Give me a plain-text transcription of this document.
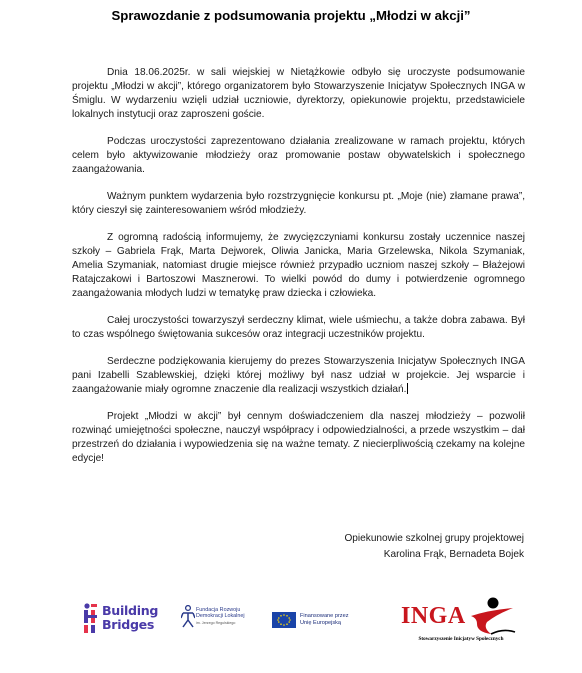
Sprawozdanie z podsumowania projektu „Młodzi w akcji”

Dnia 18.06.2025r. w sali wiejskiej w Nietążkowie odbyło się uroczyste podsumowanie projektu „Młodzi w akcji”, którego organizatorem było Stowarzyszenie Inicjatyw Społecznych INGA w Śmiglu. W wydarzeniu wzięli udział uczniowie, dyrektorzy, opiekunowie projektu, przedstawiciele lokalnych instytucji oraz zaproszeni goście.

Podczas uroczystości zaprezentowano działania zrealizowane w ramach projektu, których celem było aktywizowanie młodzieży oraz promowanie postaw obywatelskich i społecznego zaangażowania.

Ważnym punktem wydarzenia było rozstrzygnięcie konkursu pt. „Moje (nie) złamane prawa”, który cieszył się zainteresowaniem wśród młodzieży.

Z ogromną radością informujemy, że zwycięzczyniami konkursu zostały uczennice naszej szkoły – Gabriela Frąk, Marta Dejworek, Oliwia Janicka, Maria Grzelewska, Nikola Szymaniak, Amelia Szymaniak, natomiast drugie miejsce również przypadło uczniom naszej szkoły – Błażejowi Ratajczakowi i Bartoszowi Masznerowi. To wielki powód do dumy i potwierdzenie ogromnego zaangażowania młodych ludzi w tematykę praw dziecka i człowieka.

Całej uroczystości towarzyszył serdeczny klimat, wiele uśmiechu, a także dobra zabawa. Był to czas wspólnego świętowania sukcesów oraz integracji uczestników projektu.

Serdeczne podziękowania kierujemy do prezes Stowarzyszenia Inicjatyw Społecznych INGA pani Izabelli Szablewskiej, dzięki której możliwy był nasz udział w projekcie. Jej wsparcie i zaangażowanie miały ogromne znaczenie dla realizacji wszystkich działań.

Projekt „Młodzi w akcji” był cennym doświadczeniem dla naszej młodzieży – pozwolił rozwinąć umiejętności społeczne, nauczył współpracy i odpowiedzialności, a przede wszystkim – dał przestrzeń do działania i wypowiedzenia się na ważne tematy. Z niecierpliwością czekamy na kolejne edycje!

Opiekunowie szkolnej grupy projektowej
Karolina Frąk, Bernadeta Bojek
Building
Bridges
Fundacja Rozwoju
Demokracji Lokalnej
im. Jerzego Regulskiego
Finansowane przez
Unię Europejską	INGA
Stowarzyszenie Inicjatyw Społecznych
